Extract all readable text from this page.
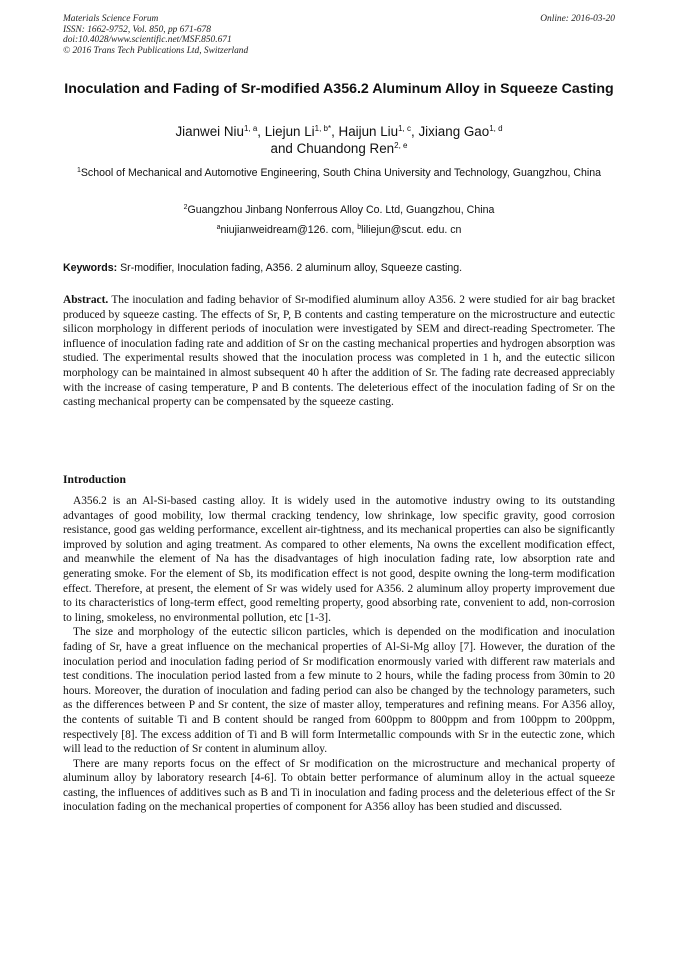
Materials Science Forum
ISSN: 1662-9752, Vol. 850, pp 671-678
doi:10.4028/www.scientific.net/MSF.850.671
© 2016 Trans Tech Publications Ltd, Switzerland
Online: 2016-03-20
Inoculation and Fading of Sr-modified A356.2 Aluminum Alloy in Squeeze Casting
Jianwei Niu$^{1, a}$, Liejun $Li^{1, b*}$, Haijun Liu$^{1, c}$, Jixiang Gao$^{1, d}$
and Chuandong Ren$^{2, e}$
$^1$School of Mechanical and Automotive Engineering, South China University and Technology, Guangzhou, China
$^2$Guangzhou Jinbang Nonferrous Alloy Co. Ltd, Guangzhou, China
$^a$niujianweidream@126. com, $^b$liliejun@scut. edu. cn
Keywords: Sr-modifier, Inoculation fading, A356. 2 aluminum alloy, Squeeze casting.
Abstract. The inoculation and fading behavior of Sr-modified aluminum alloy A356. 2 were studied for air bag bracket produced by squeeze casting. The effects of Sr, P, B contents and casting temperature on the microstructure and eutectic silicon morphology in different periods of inoculation were investigated by SEM and direct-reading Spectrometer. The influence of inoculation fading rate and addition of Sr on the casting mechanical properties and hydrogen absorption was studied. The experimental results showed that the inoculation process was completed in 1 h, and the eutectic silicon morphology can be maintained in almost subsequent 40 h after the addition of Sr. The fading rate decreased appreciably with the increase of casing temperature, P and B contents. The deleterious effect of the inoculation fading of Sr on the casting mechanical property can be compensated by the squeeze casting.
Introduction

A356.2 is an Al-Si-based casting alloy. It is widely used in the automotive industry owing to its outstanding advantages of good mobility, low thermal cracking tendency, low shrinkage, low specific gravity, good corrosion resistance, good gas welding performance, excellent air-tightness, and its mechanical properties can also be significantly improved by solution and aging treatment. As compared to other elements, Na owns the excellent modification effect, and meanwhile the element of Na has the disadvantages of high inoculation fading rate, low absorption rate and generating smoke. For the element of Sb, its modification effect is not good, despite owning the long-term modification effect. Therefore, at present, the element of Sr was widely used for A356. 2 aluminum alloy property improvement due to its characteristics of long-term effect, good remelting property, good absorbing rate, convenient to add, non-corrosion to lining, smokeless, no environmental pollution, etc [1-3].

The size and morphology of the eutectic silicon particles, which is depended on the modification and inoculation fading of Sr, have a great influence on the mechanical properties of Al-Si-Mg alloy [7]. However, the duration of the inoculation period and inoculation fading period of Sr modification enormously varied with different raw materials and test conditions. The inoculation period lasted from a few minute to 2 hours, while the fading process from 30min to 20 hours. Moreover, the duration of inoculation and fading period can also be changed by the technology parameters, such as the differences between P and Sr content, the size of master alloy, temperatures and refining means. For A356 alloy, the contents of suitable Ti and B content should be ranged from 600ppm to 800ppm and from 100ppm to 200ppm, respectively [8]. The excess addition of Ti and B will form Intermetallic compounds with Sr in the eutectic zone, which will lead to the reduction of Sr content in aluminum alloy.

There are many reports focus on the effect of Sr modification on the microstructure and mechanical property of aluminum alloy by laboratory research [4-6]. To obtain better performance of aluminum alloy in the actual squeeze casting, the influences of additives such as B and Ti in inoculation and fading process and the deleterious effect of the Sr inoculation fading on the mechanical properties of component for A356 alloy has been studied and discussed.
